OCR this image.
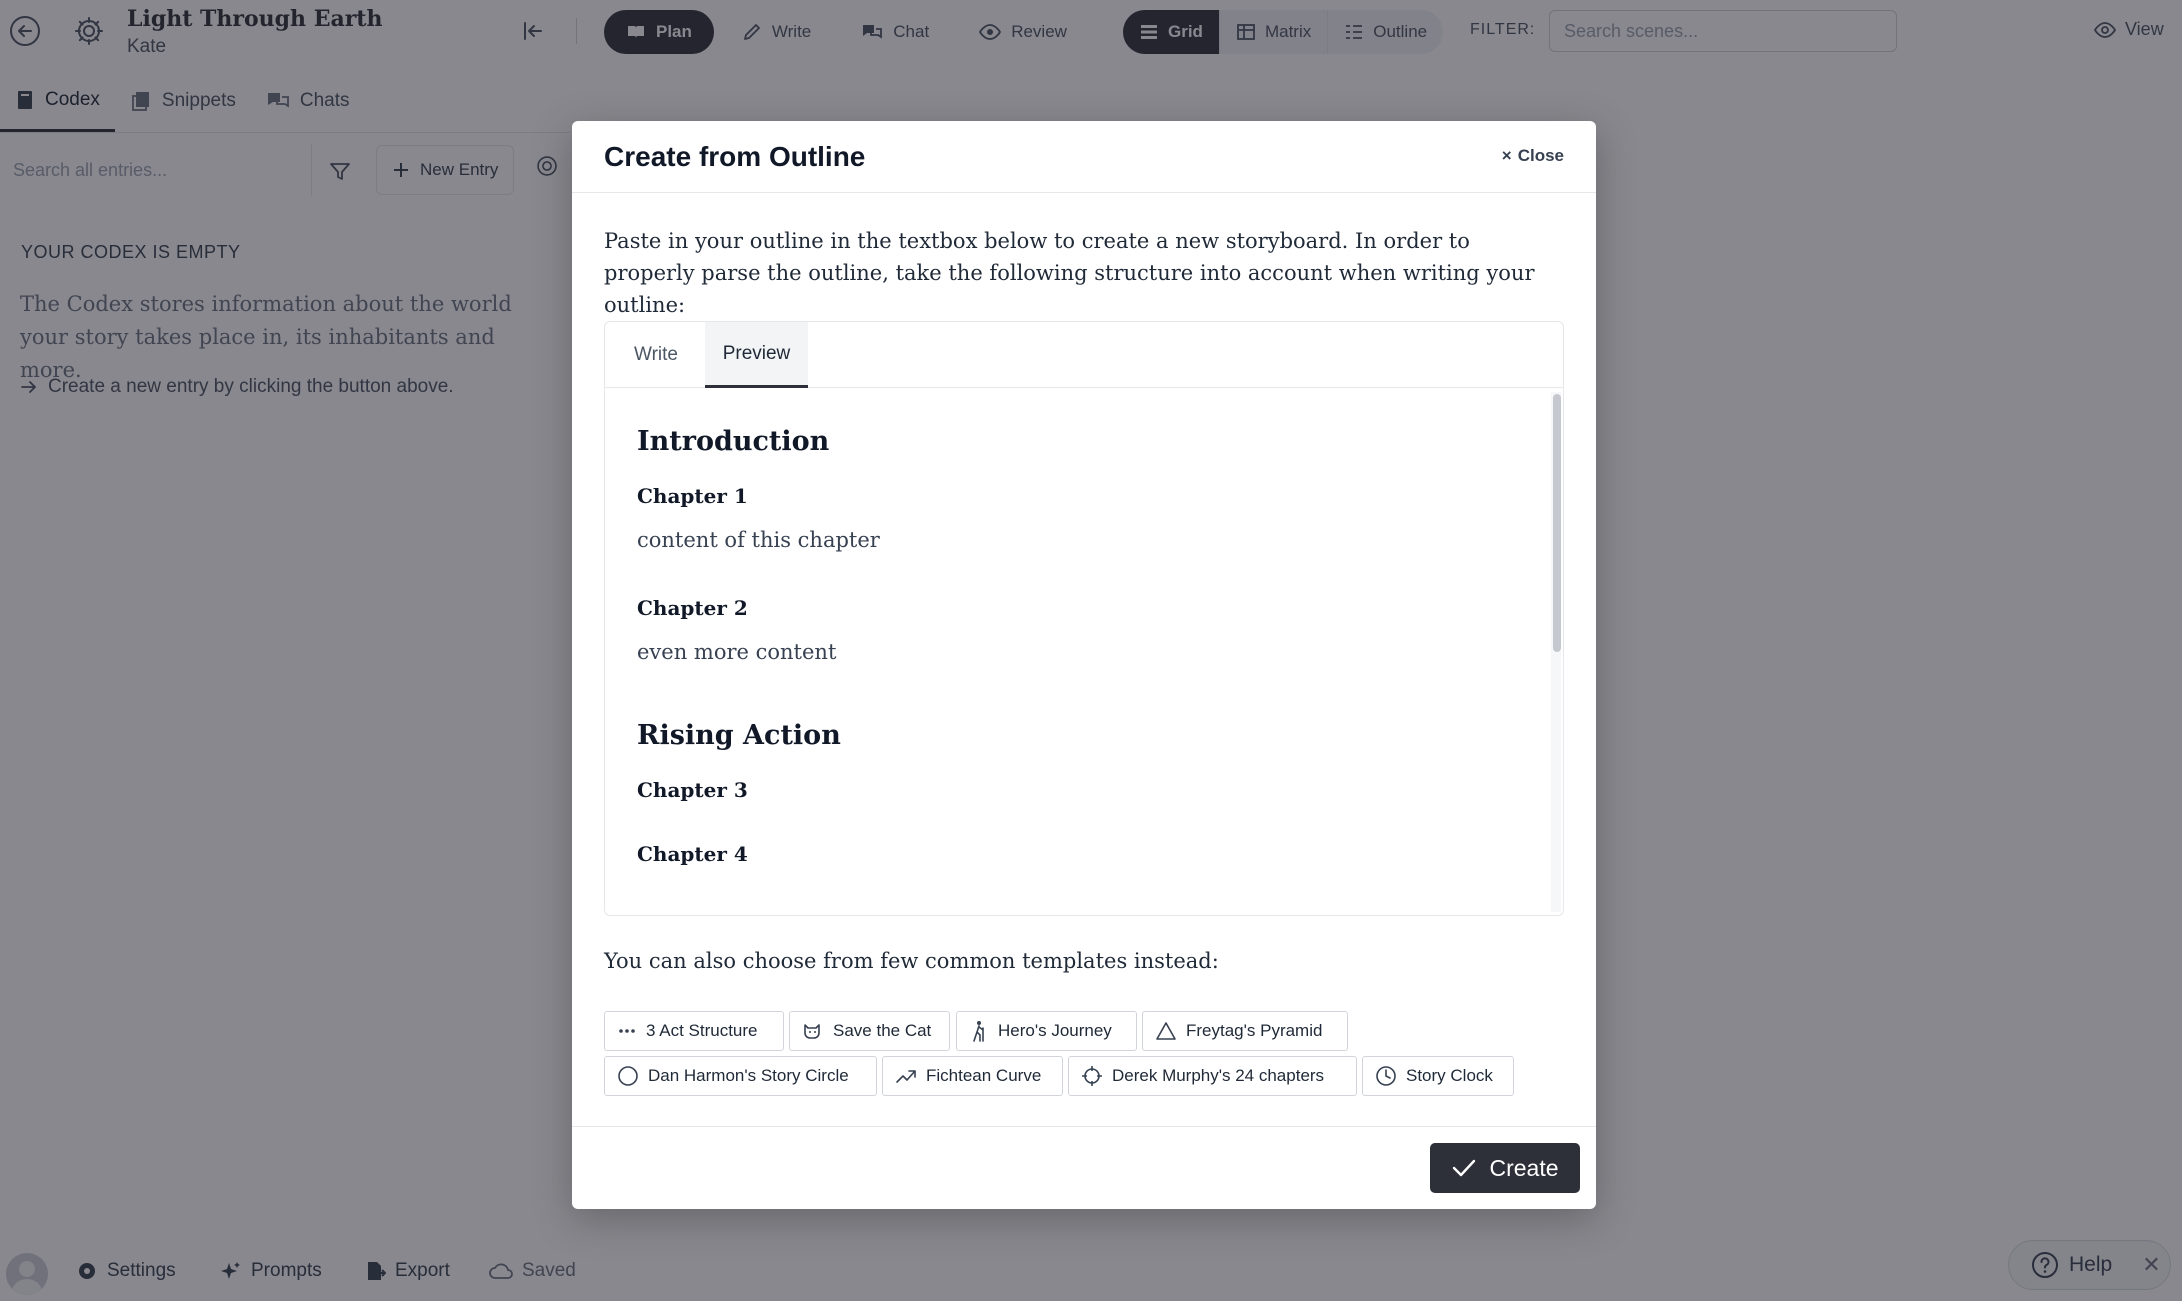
Create from Outline	× Close
Paste in your outline in the textbox below to create a new storyboard. In order to properly parse the outline, take the following structure into account when writing your outline:
Write	Preview
Introduction
Chapter 1
content of this chapter
Chapter 2
even more content
Rising Action
Chapter 3
Chapter 4
You can also choose from few common templates instead:
3 Act Structure	Save the Cat	Hero's Journey	Freytag's Pyramid
Dan Harmon's Story Circle	Fichtean Curve	Derek Murphy's 24 chapters	Story Clock
Create
